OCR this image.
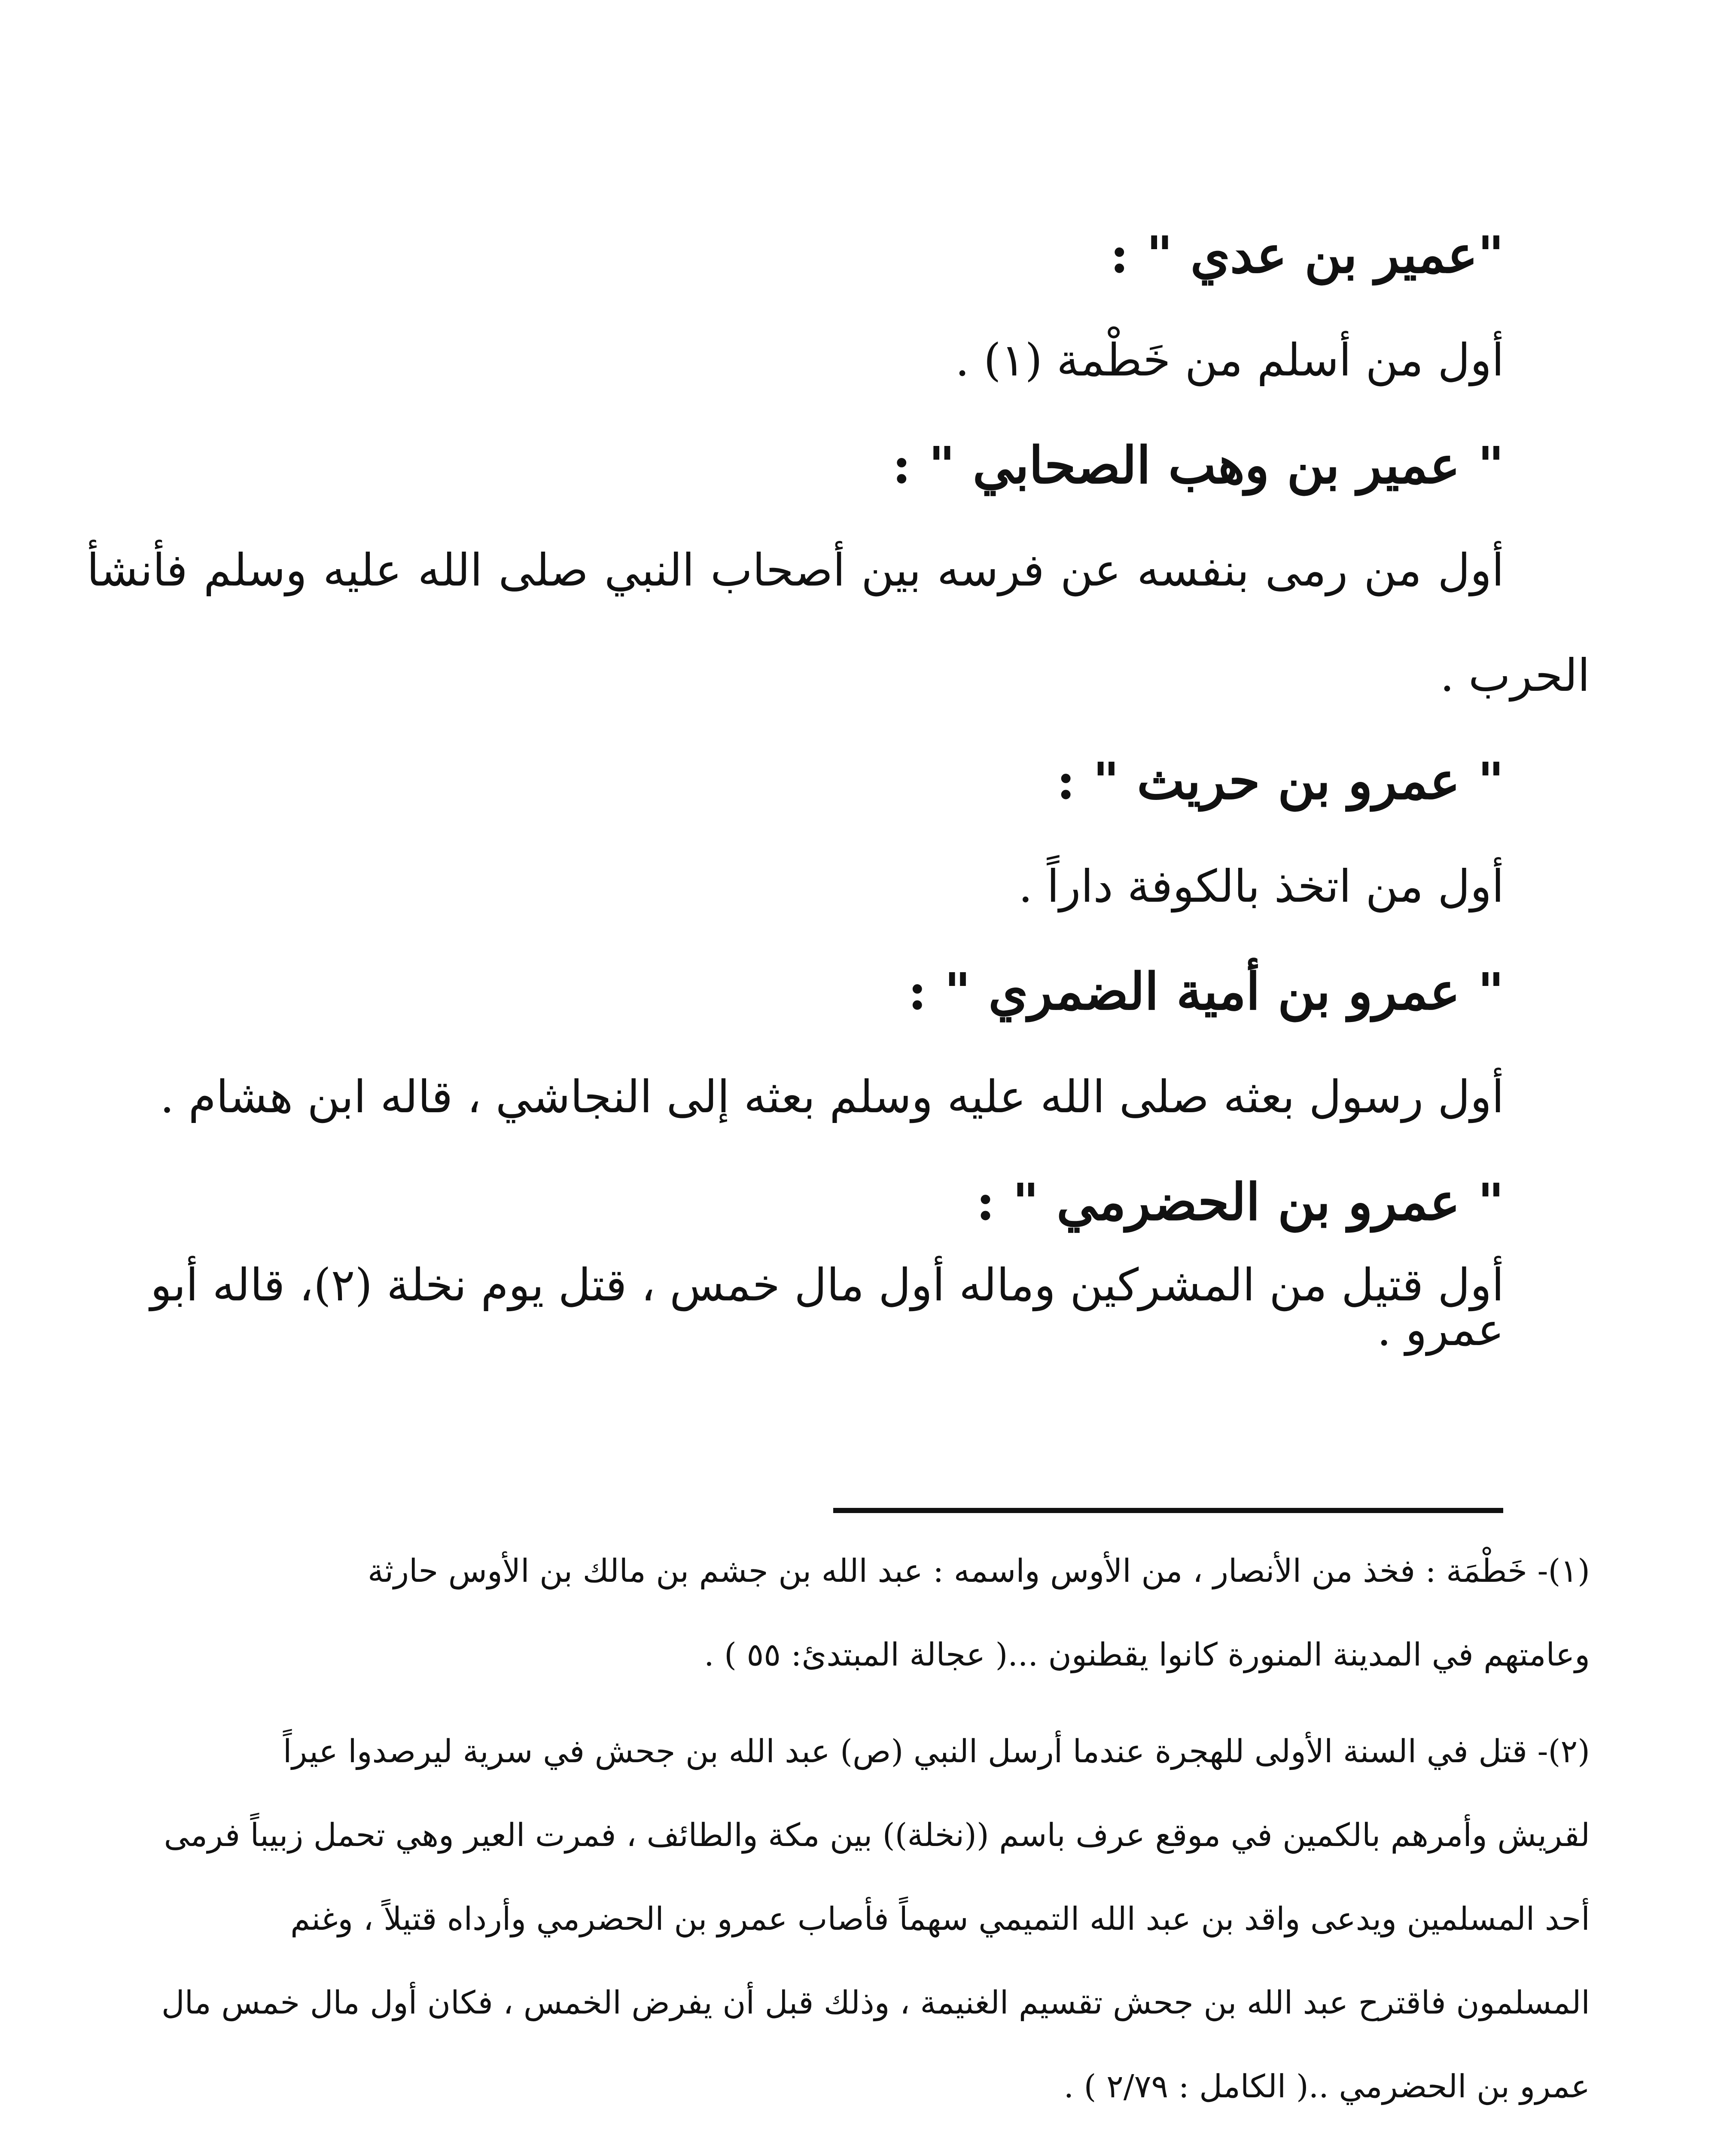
"عمير بن عدي " :
أول من أسلم من خَطْمة (١) .
" عمير بن وهب الصحابي " :
أول من رمى بنفسه عن فرسه بين أصحاب النبي صلى الله عليه وسلم فأنشأ
الحرب .
" عمرو بن حريث " :
أول من اتخذ بالكوفة داراً .
" عمرو بن أمية الضمري " :
أول رسول بعثه صلى الله عليه وسلم بعثه إلى النجاشي ، قاله ابن هشام .
" عمرو بن الحضرمي " :
أول قتيل من المشركين وماله أول مال خمس ، قتل يوم نخلة (٢)، قاله أبو عمرو .
(١)- خَطْمَة : فخذ من الأنصار ، من الأوس واسمه : عبد الله بن جشم بن مالك بن الأوس حارثة
وعامتهم في المدينة المنورة كانوا يقطنون ...( عجالة المبتدئ: ٥٥ ) .
(٢)- قتل في السنة الأولى للهجرة عندما أرسل النبي (ص) عبد الله بن جحش في سرية ليرصدوا عيراً
لقريش وأمرهم بالكمين في موقع عرف باسم ((نخلة)) بين مكة والطائف ، فمرت العير وهي تحمل زبيباً فرمى
أحد المسلمين ويدعى واقد بن عبد الله التميمي سهماً فأصاب عمرو بن الحضرمي وأرداه قتيلاً ، وغنم
المسلمون فاقترح عبد الله بن جحش تقسيم الغنيمة ، وذلك قبل أن يفرض الخمس ، فكان أول مال خمس مال
عمرو بن الحضرمي ..( الكامل : ٢/٧٩ ) .
